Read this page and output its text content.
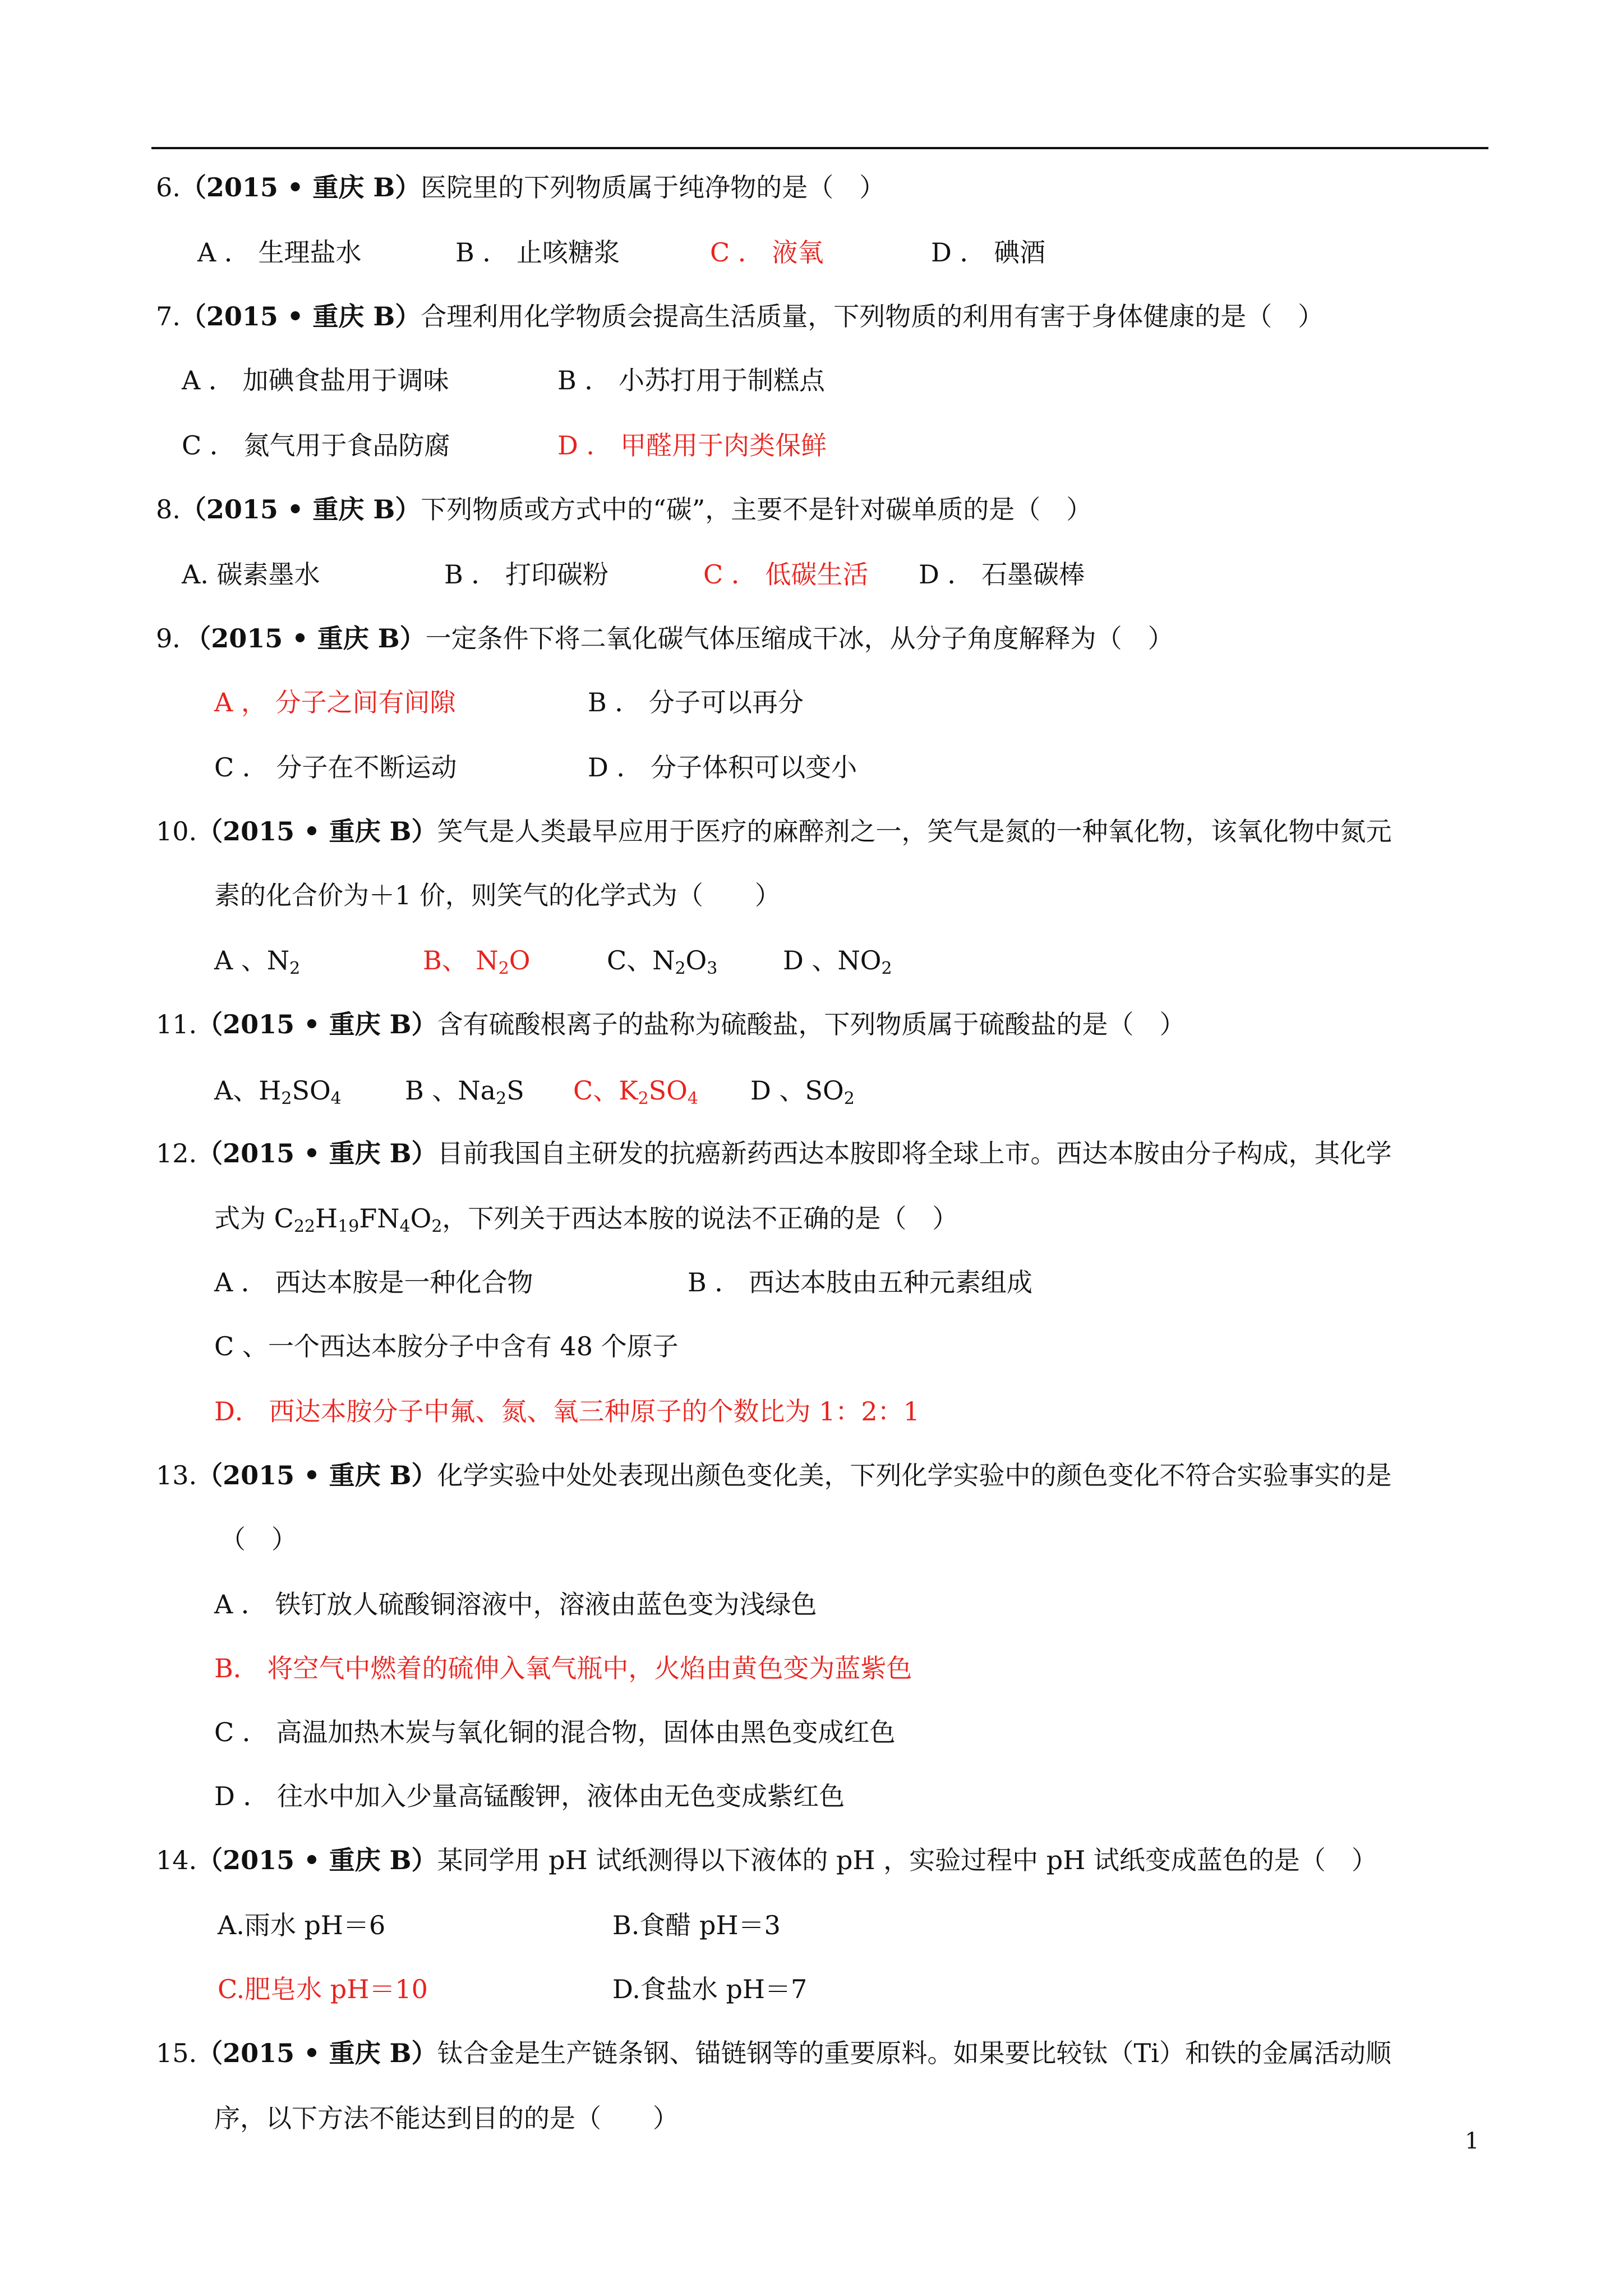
6.（2015 • 重庆 B）医院里的下列物质属于纯净物的是（　）
A ． 生理盐水	B ． 止咳糖浆	C ． 液氧	D ． 碘酒
7.（2015 • 重庆 B）合理利用化学物质会提高生活质量，下列物质的利用有害于身体健康的是（　）
A ． 加碘食盐用于调味	B ． 小苏打用于制糕点
C ． 氮气用于食品防腐	D ． 甲醛用于肉类保鲜
8.（2015 • 重庆 B）下列物质或方式中的“碳”，主要不是针对碳单质的是（　）
A. 碳素墨水	B ． 打印碳粉	C ． 低碳生活 D ． 石墨碳棒
9．（2015 • 重庆 B）一定条件下将二氧化碳气体压缩成干冰，从分子角度解释为（　）
A ， 分子之间有间隙	B ． 分子可以再分
C ． 分子在不断运动	D ． 分子体积可以变小
10.（2015 • 重庆 B）笑气是人类最早应用于医疗的麻醉剂之一，笑气是氮的一种氧化物，该氧化物中氮元
素的化合价为＋1 价，则笑气的化学式为（　　）
A 、$N_2$	B、 $N_2O$	C、$N_2O_3$	D 、$NO_2$
11.（2015 • 重庆 B）含有硫酸根离子的盐称为硫酸盐，下列物质属于硫酸盐的是（　）
A、$H_2SO_4$ B 、$Na_2S$ C、$K_2SO_4$ D 、$SO_2$
12.（2015 • 重庆 B）目前我国自主研发的抗癌新药西达本胺即将全球上市。西达本胺由分子构成，其化学
式为 $C_{22}H_{19}FN_4O_2$，下列关于西达本胺的说法不正确的是（　）
A ． 西达本胺是一种化合物	B ． 西达本肢由五种元素组成
C 、一个西达本胺分子中含有 48 个原子
D． 西达本胺分子中氟、氮、氧三种原子的个数比为 1：2：1
13.（2015 • 重庆 B）化学实验中处处表现出颜色变化美，下列化学实验中的颜色变化不符合实验事实的是
（　）
A ． 铁钉放人硫酸铜溶液中，溶液由蓝色变为浅绿色
B． 将空气中燃着的硫伸入氧气瓶中，火焰由黄色变为蓝紫色
C ． 高温加热木炭与氧化铜的混合物，固体由黑色变成红色
D ． 往水中加入少量高锰酸钾，液体由无色变成紫红色
14.（2015 • 重庆 B）某同学用 pH 试纸测得以下液体的 pH ，实验过程中 pH 试纸变成蓝色的是（　）
A.雨水 pH＝6	B.食醋 pH＝3
C.肥皂水 pH＝10	D.食盐水 pH＝7
15.（2015 • 重庆 B）钛合金是生产链条钢、锚链钢等的重要原料。如果要比较钛（Ti）和铁的金属活动顺
序，以下方法不能达到目的的是（　　）
1
